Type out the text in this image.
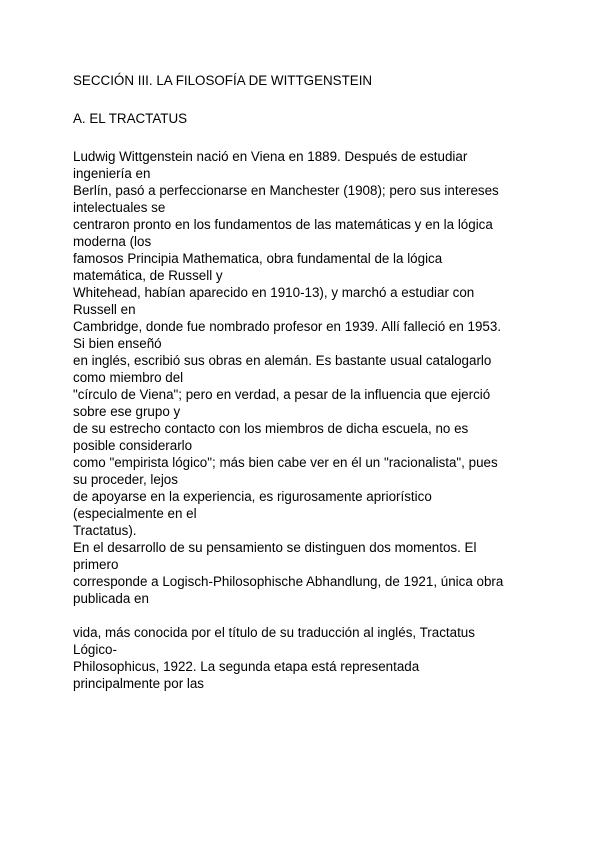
SECCIÓN III. LA FILOSOFÍA DE WITTGENSTEIN
A. EL TRACTATUS
Ludwig Wittgenstein nació en Viena en 1889. Después de estudiar
ingeniería en
Berlín, pasó a perfeccionarse en Manchester (1908); pero sus intereses
intelectuales se
centraron pronto en los fundamentos de las matemáticas y en la lógica
moderna (los
famosos Principia Mathematica, obra fundamental de la lógica
matemática, de Russell y
Whitehead, habían aparecido en 1910-13), y marchó a estudiar con
Russell en
Cambridge, donde fue nombrado profesor en 1939. Allí falleció en 1953.
Si bien enseñó
en inglés, escribió sus obras en alemán. Es bastante usual catalogarlo
como miembro del
"círculo de Viena"; pero en verdad, a pesar de la influencia que ejerció
sobre ese grupo y
de su estrecho contacto con los miembros de dicha escuela, no es
posible considerarlo
como "empirista lógico"; más bien cabe ver en él un "racionalista", pues
su proceder, lejos
de apoyarse en la experiencia, es rigurosamente apriorístico
(especialmente en el
Tractatus).
En el desarrollo de su pensamiento se distinguen dos momentos. El
primero
corresponde a Logisch-Philosophische Abhandlung, de 1921, única obra
publicada en
vida, más conocida por el título de su traducción al inglés, Tractatus
Lógico-
Philosophicus, 1922. La segunda etapa está representada
principalmente por las
